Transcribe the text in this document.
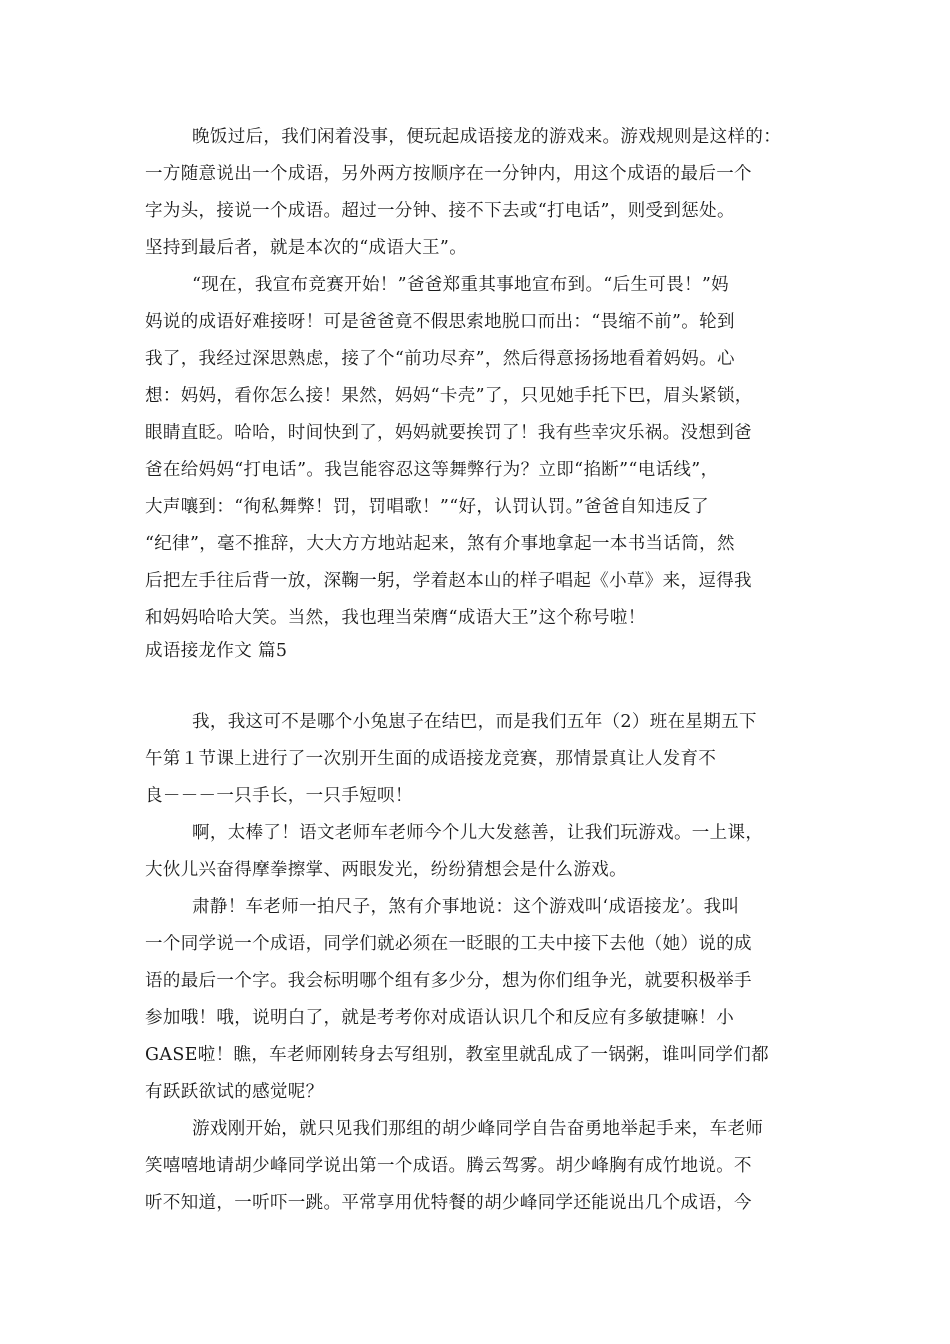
晚饭过后，我们闲着没事，便玩起成语接龙的游戏来。游戏规则是这样的：
一方随意说出一个成语，另外两方按顺序在一分钟内，用这个成语的最后一个
字为头，接说一个成语。超过一分钟、接不下去或“打电话”，则受到惩处。
坚持到最后者，就是本次的“成语大王”。
“现在，我宣布竞赛开始！”爸爸郑重其事地宣布到。“后生可畏！”妈
妈说的成语好难接呀！可是爸爸竟不假思索地脱口而出：“畏缩不前”。轮到
我了，我经过深思熟虑，接了个“前功尽弃”，然后得意扬扬地看着妈妈。心
想：妈妈，看你怎么接！果然，妈妈“卡壳”了，只见她手托下巴，眉头紧锁，
眼睛直眨。哈哈，时间快到了，妈妈就要挨罚了！我有些幸灾乐祸。没想到爸
爸在给妈妈“打电话”。我岂能容忍这等舞弊行为？立即“掐断”“电话线”，
大声嚷到：“徇私舞弊！罚，罚唱歌！”“好，认罚认罚。”爸爸自知违反了
“纪律”，毫不推辞，大大方方地站起来，煞有介事地拿起一本书当话筒，然
后把左手往后背一放，深鞠一躬，学着赵本山的样子唱起《小草》来，逗得我
和妈妈哈哈大笑。当然，我也理当荣膺“成语大王”这个称号啦！
成语接龙作文 篇5
我，我这可不是哪个小兔崽子在结巴，而是我们五年（2）班在星期五下
午第１节课上进行了一次别开生面的成语接龙竞赛，那情景真让人发育不
良－－－一只手长，一只手短呗！
啊，太棒了！语文老师车老师今个儿大发慈善，让我们玩游戏。一上课，
大伙儿兴奋得摩拳擦掌、两眼发光，纷纷猜想会是什么游戏。
肃静！车老师一拍尺子，煞有介事地说：这个游戏叫‘成语接龙’。我叫
一个同学说一个成语，同学们就必须在一眨眼的工夫中接下去他（她）说的成
语的最后一个字。我会标明哪个组有多少分，想为你们组争光，就要积极举手
参加哦！哦，说明白了，就是考考你对成语认识几个和反应有多敏捷嘛！小
GASE啦！瞧，车老师刚转身去写组别，教室里就乱成了一锅粥，谁叫同学们都
有跃跃欲试的感觉呢？
游戏刚开始，就只见我们那组的胡少峰同学自告奋勇地举起手来，车老师
笑嘻嘻地请胡少峰同学说出第一个成语。腾云驾雾。胡少峰胸有成竹地说。不
听不知道，一听吓一跳。平常享用优特餐的胡少峰同学还能说出几个成语，今
